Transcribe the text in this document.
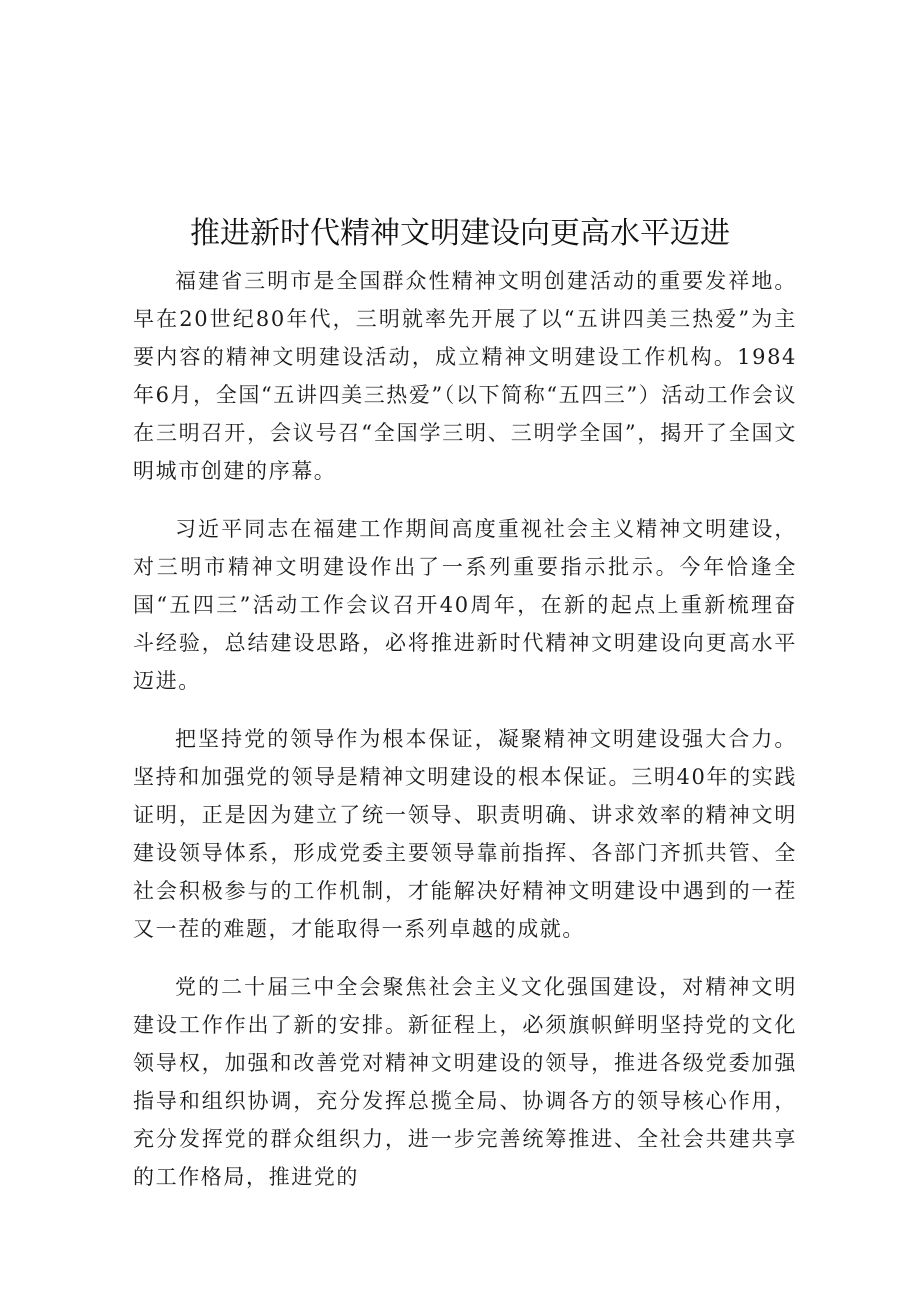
推进新时代精神文明建设向更高水平迈进

福建省三明市是全国群众性精神文明创建活动的重要发祥地。早在20世纪80年代，三明就率先开展了以“五讲四美三热爱”为主要内容的精神文明建设活动，成立精神文明建设工作机构。1984年6月，全国“五讲四美三热爱”（以下简称“五四三”）活动工作会议在三明召开，会议号召“全国学三明、三明学全国”，揭开了全国文明城市创建的序幕。

习近平同志在福建工作期间高度重视社会主义精神文明建设，对三明市精神文明建设作出了一系列重要指示批示。今年恰逢全国“五四三”活动工作会议召开40周年，在新的起点上重新梳理奋斗经验，总结建设思路，必将推进新时代精神文明建设向更高水平迈进。

把坚持党的领导作为根本保证，凝聚精神文明建设强大合力。坚持和加强党的领导是精神文明建设的根本保证。三明40年的实践证明，正是因为建立了统一领导、职责明确、讲求效率的精神文明建设领导体系，形成党委主要领导靠前指挥、各部门齐抓共管、全社会积极参与的工作机制，才能解决好精神文明建设中遇到的一茬又一茬的难题，才能取得一系列卓越的成就。

党的二十届三中全会聚焦社会主义文化强国建设，对精神文明建设工作作出了新的安排。新征程上，必须旗帜鲜明坚持党的文化领导权，加强和改善党对精神文明建设的领导，推进各级党委加强指导和组织协调，充分发挥总揽全局、协调各方的领导核心作用，充分发挥党的群众组织力，进一步完善统筹推进、全社会共建共享的工作格局，推进党的
